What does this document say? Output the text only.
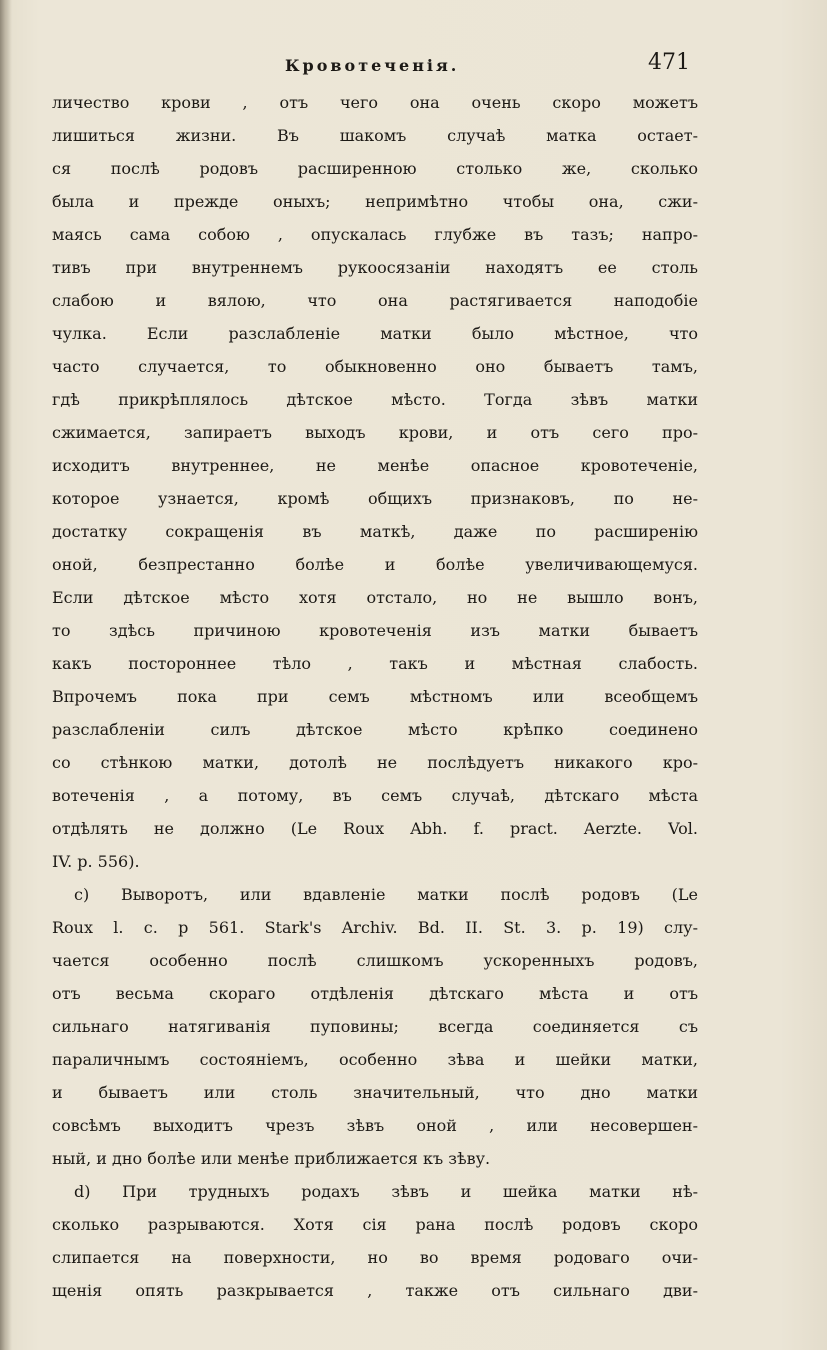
Кровотеченія.	471
личество крови , отъ чего она очень скоро можетъ
лишиться жизни. Въ шакомъ случаѣ матка остает-
ся послѣ родовъ расширенною столько же, сколько
была и прежде оныхъ; непримѣтно чтобы она, сжи-
маясь сама собою , опускалась глубже въ тазъ; напро-
тивъ при внутреннемъ рукоосязаніи находятъ ее столь
слабою и вялою, что она растягивается наподобіе
чулка. Если разслабленіе матки было мѣстное, что
часто случается, то обыкновенно оно бываетъ тамъ,
гдѣ прикрѣплялось дѣтское мѣсто. Тогда зѣвъ матки
сжимается, запираетъ выходъ крови, и отъ сего про-
исходитъ внутреннее, не менѣе опасное кровотеченіе,
которое узнается, кромѣ общихъ признаковъ, по не-
достатку сокращенія въ маткѣ, даже по расширенію
оной, безпрестанно болѣе и болѣе увеличивающемуся.
Если дѣтское мѣсто хотя отстало, но не вышло вонъ,
то здѣсь причиною кровотеченія изъ матки бываетъ
какъ постороннее тѣло , такъ и мѣстная слабость.
Впрочемъ пока при семъ мѣстномъ или всеобщемъ
разслабленіи силъ дѣтское мѣсто крѣпко соединено
со стѣнкою матки, дотолѣ не послѣдуетъ никакого кро-
вотеченія , а потому, въ семъ случаѣ, дѣтскаго мѣста
отдѣлять не должно (Le Roux Abh. f. pract. Aerzte. Vol.
IV. p. 556).
c) Выворотъ, или вдавленіе матки послѣ родовъ (Le
Roux l. c. p 561. Stark's Archiv. Bd. II. St. 3. p. 19) слу-
чается особенно послѣ слишкомъ ускоренныхъ родовъ,
отъ весьма скораго отдѣленія дѣтскаго мѣста и отъ
сильнаго натягиванія пуповины; всегда соединяется съ
параличнымъ состояніемъ, особенно зѣва и шейки матки,
и бываетъ или столь значительный, что дно матки
совсѣмъ выходитъ чрезъ зѣвъ оной , или несовершен-
ный, и дно болѣе или менѣе приближается къ зѣву.
d) При трудныхъ родахъ зѣвъ и шейка матки нѣ-
сколько разрываются. Хотя сія рана послѣ родовъ скоро
слипается на поверхности, но во время родоваго очи-
щенія опять разкрывается , также отъ сильнаго дви-
